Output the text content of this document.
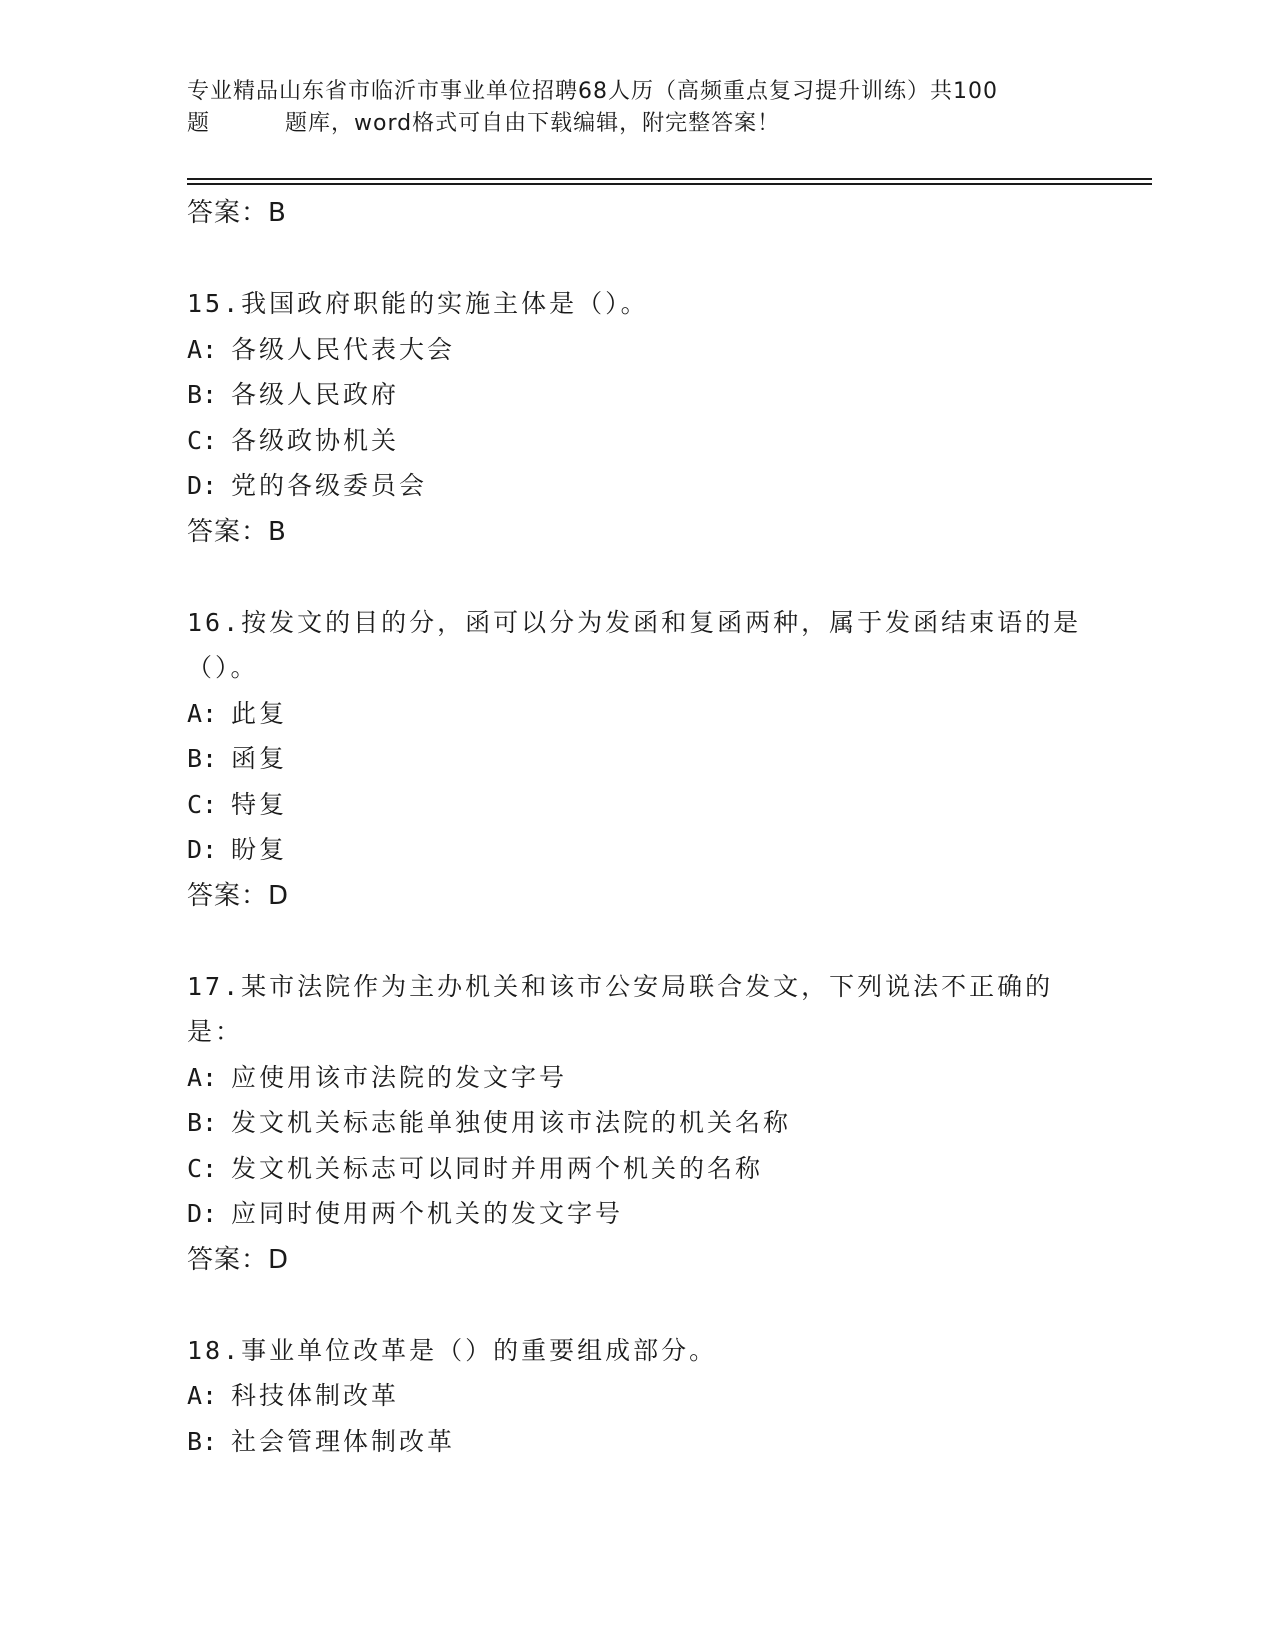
专业精品山东省市临沂市事业单位招聘68人历（高频重点复习提升训练）共100
题	题库，word格式可自由下载编辑，附完整答案！
答案：B
15.我国政府职能的实施主体是（）。
A: 各级人民代表大会
B: 各级人民政府
C: 各级政协机关
D: 党的各级委员会
答案：B
16.按发文的目的分，函可以分为发函和复函两种，属于发函结束语的是（）。
A: 此复
B: 函复
C: 特复
D: 盼复
答案：D
17.某市法院作为主办机关和该市公安局联合发文，下列说法不正确的是：
A: 应使用该市法院的发文字号
B: 发文机关标志能单独使用该市法院的机关名称
C: 发文机关标志可以同时并用两个机关的名称
D: 应同时使用两个机关的发文字号
答案：D
18.事业单位改革是（）的重要组成部分。
A: 科技体制改革
B: 社会管理体制改革
